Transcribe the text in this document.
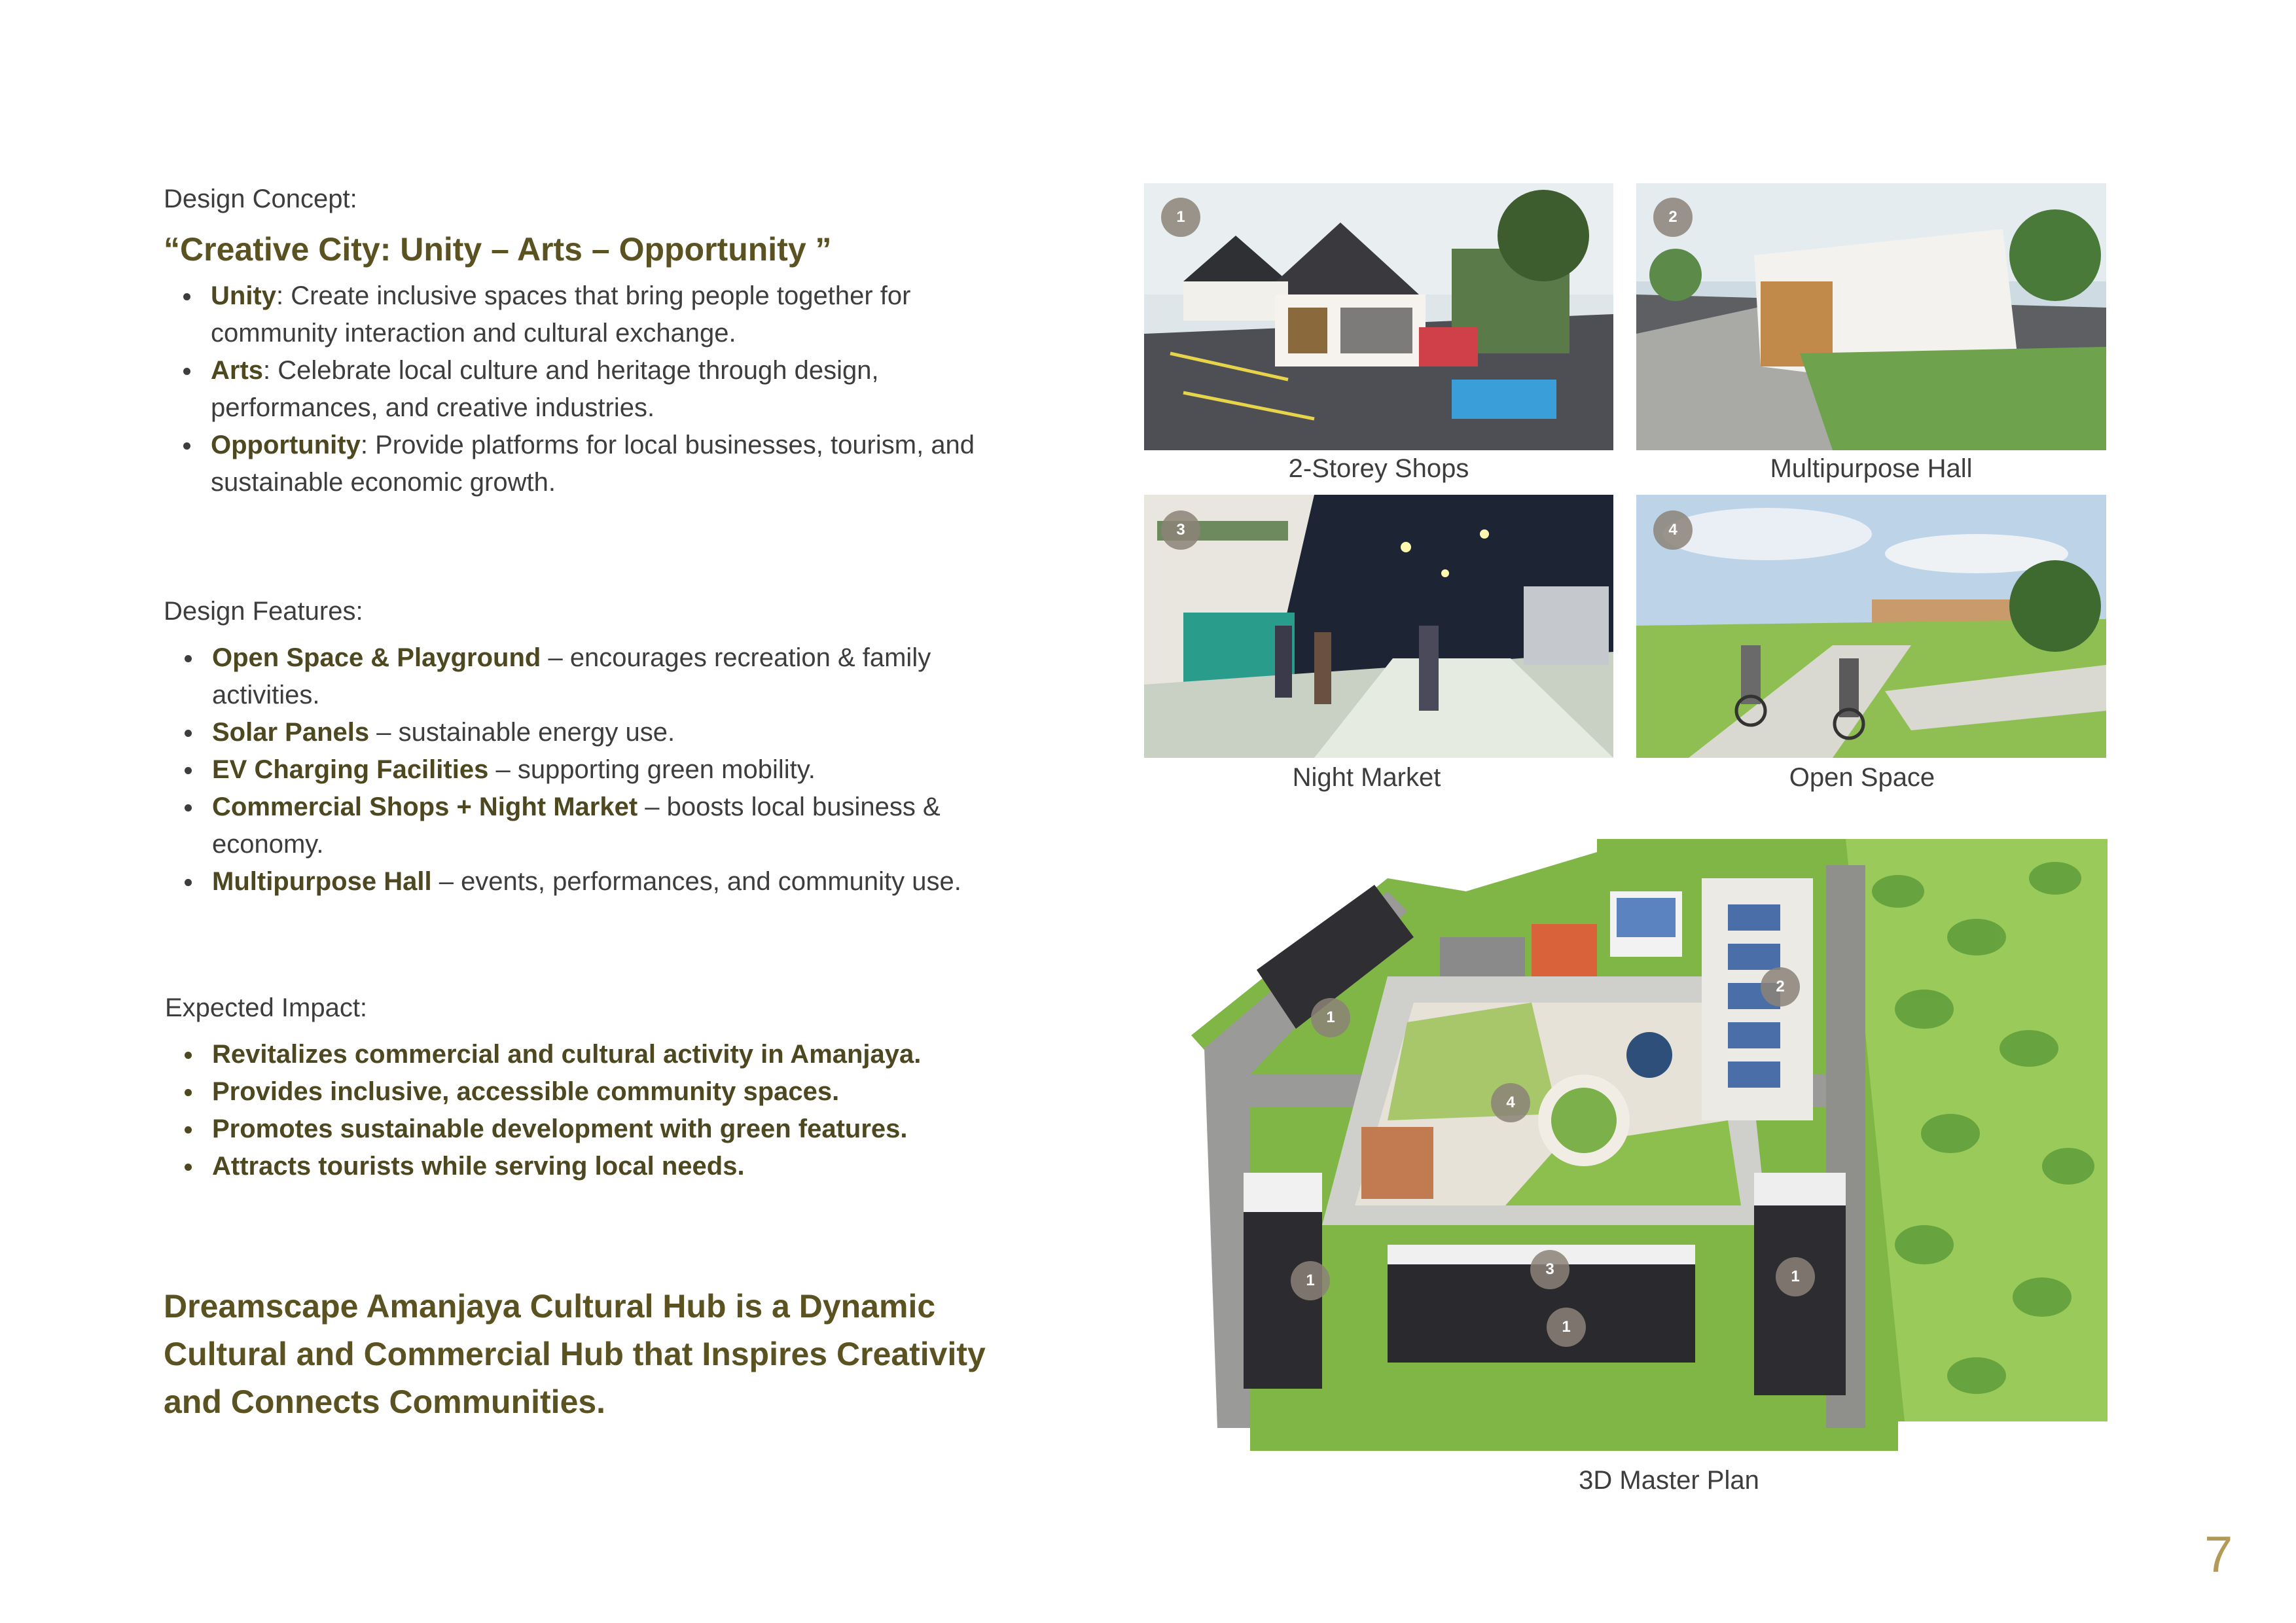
Design Concept:
“Creative City: Unity – Arts – Opportunity ”
Unity: Create inclusive spaces that bring people together for community interaction and cultural exchange.
Arts: Celebrate local culture and heritage through design, performances, and creative industries.
Opportunity: Provide platforms for local businesses, tourism, and sustainable economic growth.
Design Features:
Open Space & Playground – encourages recreation & family activities.
Solar Panels – sustainable energy use.
EV Charging Facilities – supporting green mobility.
Commercial Shops + Night Market – boosts local business & economy.
Multipurpose Hall – events, performances, and community use.
Expected Impact:
Revitalizes commercial and cultural activity in Amanjaya.
Provides inclusive, accessible community spaces.
Promotes sustainable development with green features.
Attracts tourists while serving local needs.
Dreamscape Amanjaya Cultural Hub is a Dynamic
Cultural and Commercial Hub that Inspires Creativity
and Connects Communities.
1
2-Storey Shops
2
Multipurpose Hall
3
Night Market
4
Open Space
1
1
1
1
2
3
4
3D Master Plan
7
